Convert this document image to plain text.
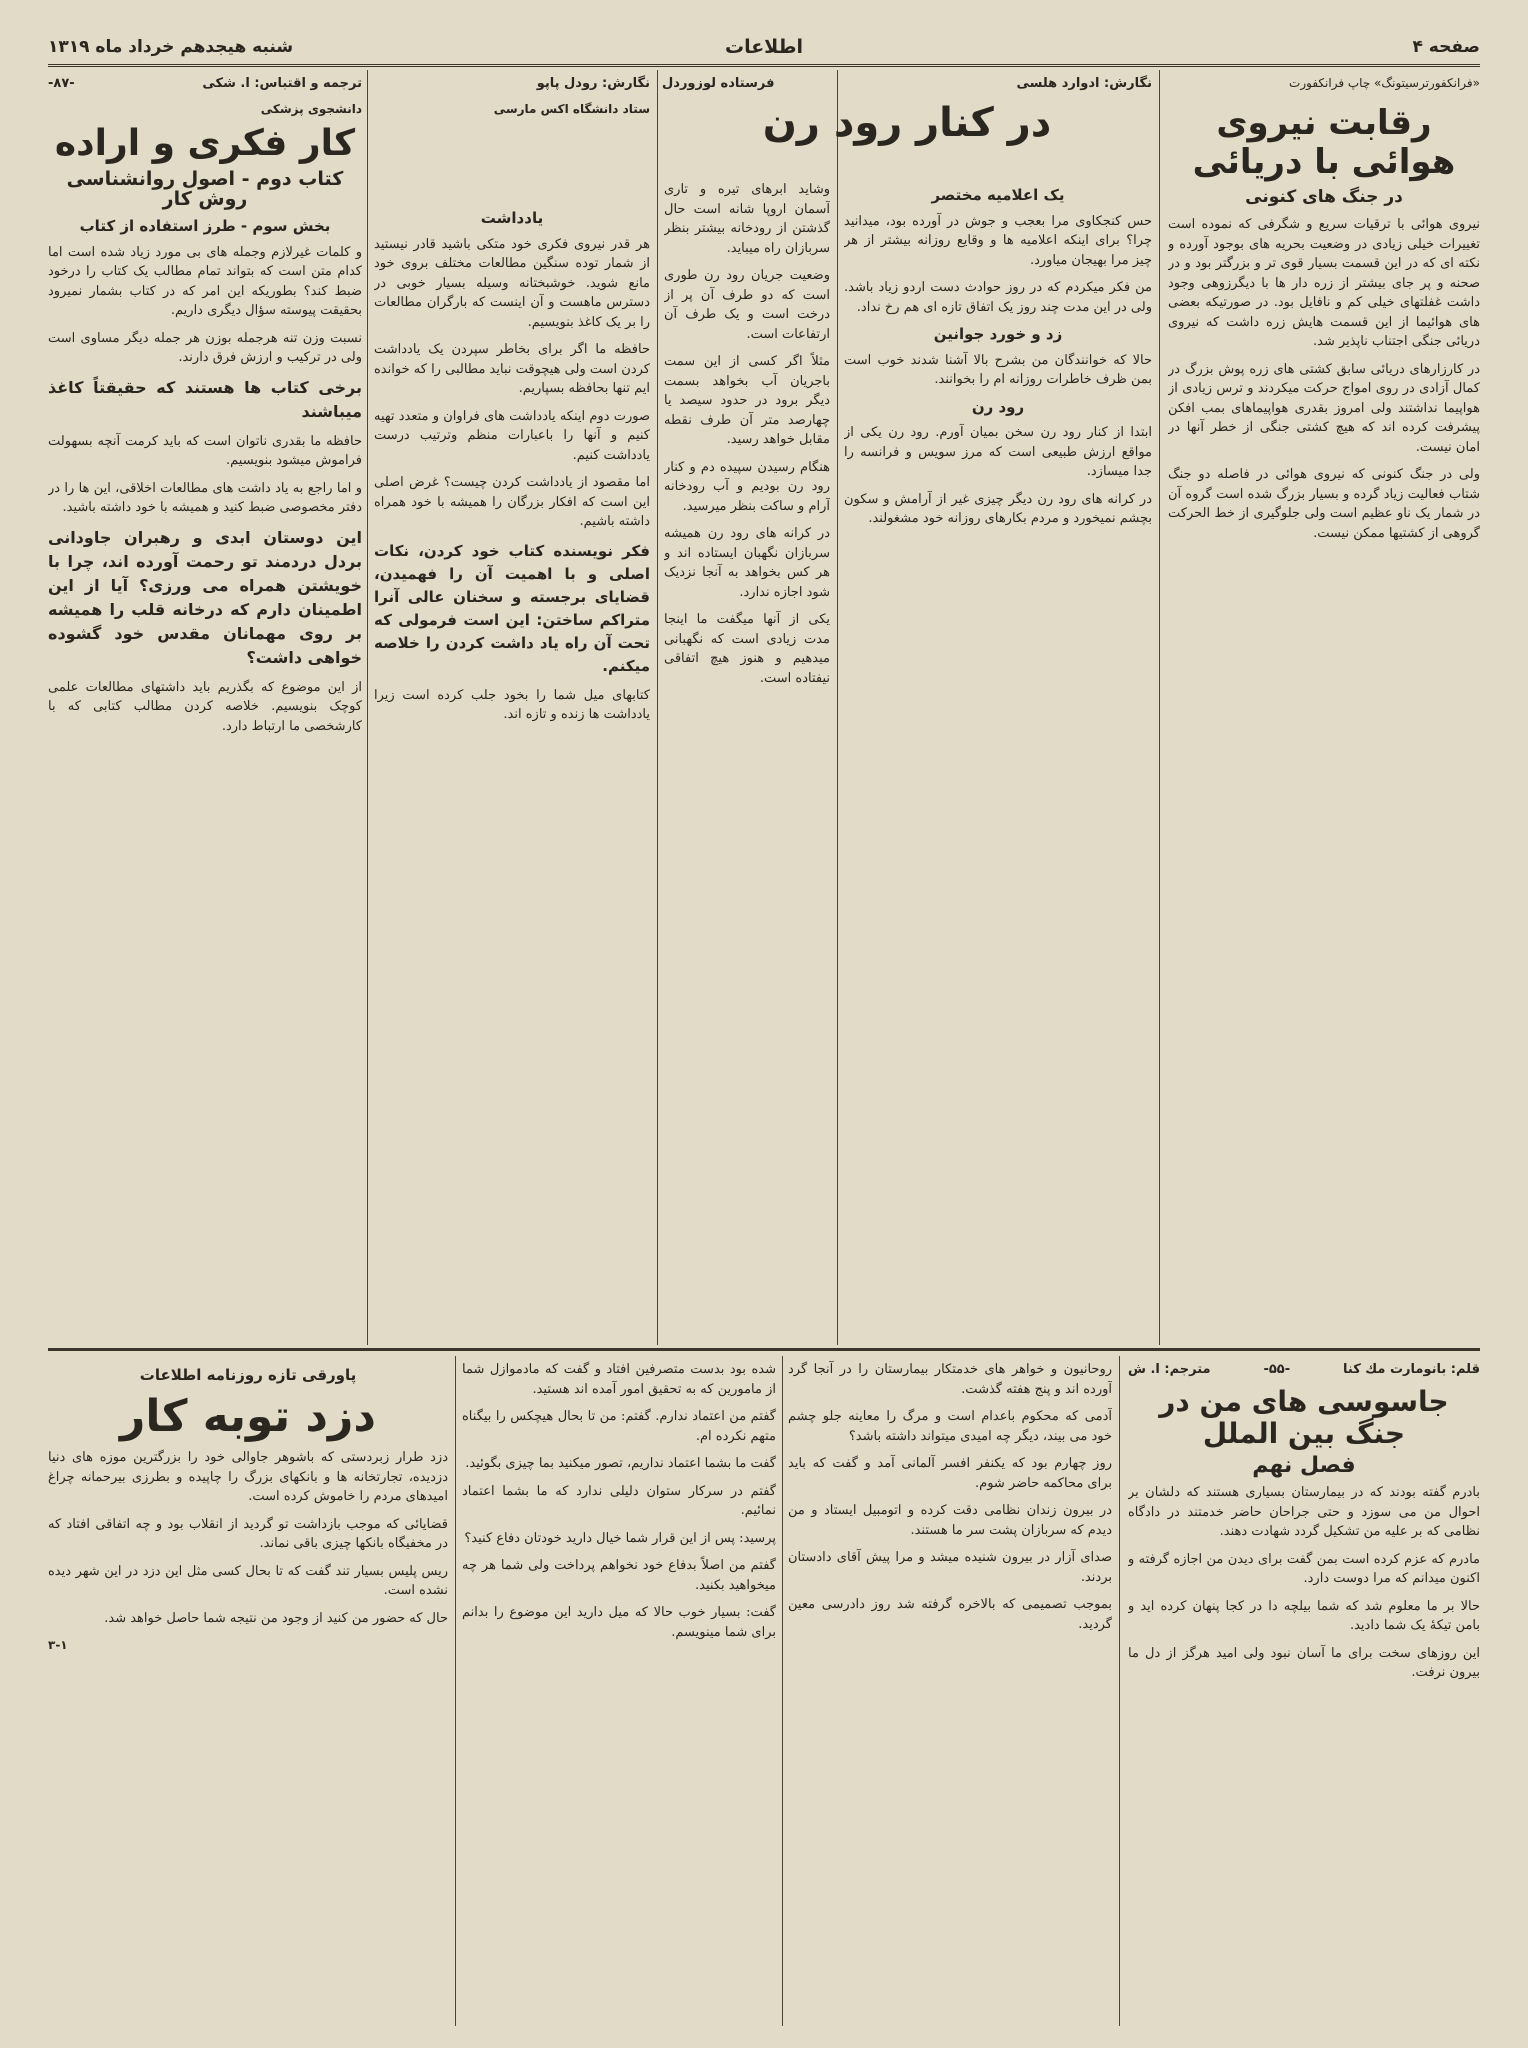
صفحه ۴
اطلاعات
شنبه هیجدهم خرداد ماه ۱۳۱۹
«فرانکفورترسیتونگ» چاپ فرانکفورت
رقابت نیروی هوائی با دریائی
در جنگ های کنونی

نیروی هوائی با ترقیات سریع و شگرفی که نموده است تغییرات خیلی زیادی در وضعیت بحریه های بوجود آورده و نکته ای که در این قسمت بسیار قوی تر و بزرگتر بود و در صحنه و پر جای بیشتر از زره دار ها با دیگرزوهی وجود داشت غفلتهای خیلی کم و نافایل بود. در صورتیکه بعضی های هوائیما از این قسمت هایش زره داشت که نیروی دریائی جنگی اجتناب ناپذیر شد.

در کارزارهای دریائی سابق کشتی های زره پوش بزرگ در کمال آزادی در روی امواج حرکت میکردند و ترس زیادی از هواپیما نداشتند ولی امروز بقدری هواپیماهای بمب افکن پیشرفت کرده اند که هیچ کشتی جنگی از خطر آنها در امان نیست.

ولی در جنگ کنونی که نیروی هوائی در فاصله دو جنگ شتاب فعالیت زیاد گرده و بسیار بزرگ شده است گروه آن در شمار یک ناو عظیم است ولی جلوگیری از خط الحرکت گروهی از کشتیها ممکن نیست.

نگارش: ادوارد هلسی
فرستاده لوزوردل
در کنار رود رن
یک اعلامیه مختصر

حس کنجکاوی مرا بعجب و جوش در آورده بود، میدانید چرا؟ برای اینکه اعلامیه ها و وقایع روزانه بیشتر از هر چیز مرا بهیجان میاورد.

من فکر میکردم که در روز حوادث دست اردو زیاد باشد. ولی در این مدت چند روز یک اتفاق تازه ای هم رخ نداد.

زد و خورد جوانین

حالا که خوانندگان من بشرح بالا آشنا شدند خوب است بمن ظرف خاطرات روزانه ام را بخوانند.

رود رن

ابتدا از کنار رود رن سخن بمیان آورم. رود رن یکی از مواقع ارزش طبیعی است که مرز سویس و فرانسه را جدا میسازد.

در کرانه های رود رن دیگر چیزی غیر از آرامش و سکون بچشم نمیخورد و مردم بکارهای روزانه خود مشغولند.

وشاید ابرهای تیره و تاری آسمان اروپا شانه است حال گذشتن از رودخانه بیشتر بنظر سربازان راه میباید.

وضعیت جریان رود رن طوری است که دو طرف آن پر از درخت است و یک طرف آن ارتفاعات است.

مثلاً اگر کسی از این سمت باجریان آب بخواهد بسمت دیگر برود در حدود سیصد یا چهارصد متر آن طرف نقطه مقابل خواهد رسید.

هنگام رسیدن سپیده دم و کنار رود رن بودیم و آب رودخانه آرام و ساکت بنظر میرسید.

در کرانه های رود رن همیشه سربازان نگهبان ایستاده اند و هر کس بخواهد به آنجا نزدیک شود اجازه ندارد.

یکی از آنها میگفت ما اینجا مدت زیادی است که نگهبانی میدهیم و هنوز هیچ اتفاقی نیفتاده است.

نگارش: رودل پاپو
ستاد دانشگاه اکس مارسی
یادداشت

هر قدر نیروی فکری خود متکی باشید قادر نیستید از شمار توده سنگین مطالعات مختلف بروی خود مانع شوید. خوشبختانه وسیله بسیار خوبی در دسترس ماهست و آن اینست که بارگران مطالعات را بر یک کاغذ بنویسیم.

حافظه ما اگر برای بخاطر سپردن یک یادداشت کردن است ولی هیچوقت نباید مطالبی را که خوانده ایم تنها بحافظه بسپاریم.

صورت دوم اینکه یادداشت های فراوان و متعدد تهیه کنیم و آنها را باعبارات منظم وترتیب درست یادداشت کنیم.

اما مقصود از یادداشت کردن چیست؟ غرض اصلی این است که افکار بزرگان را همیشه با خود همراه داشته باشیم.

فکر نویسنده کتاب خود کردن، نکات اصلی و با اهمیت آن را فهمیدن، قضایای برجسته و سخنان عالی آنرا متراکم ساختن: این است فرمولی که تحت آن راه یاد داشت کردن را خلاصه میکنم.

کتابهای میل شما را بخود جلب کرده است زیرا یادداشت ها زنده و تازه اند.

ترجمه و اقتباس: ا. شکی
-۸۷-
دانشجوی پزشکی
کار فکری و اراده
کتاب دوم - اصول روانشناسی روش کار
بخش سوم - طرز استفاده از کتاب

و کلمات غیرلازم وجمله های بی مورد زیاد شده است اما کدام متن است که بتواند تمام مطالب یک کتاب را درخود ضبط کند؟ بطوریکه این امر که در کتاب بشمار نمیرود بحقیقت پیوسته سؤال دیگری داریم.

نسبت وزن تنه هرجمله بوزن هر جمله دیگر مساوی است ولی در ترکیب و ارزش فرق دارند.

برخی کتاب ها هستند که حقیقتاً کاغذ میباشند

حافظه ما بقدری ناتوان است که باید کرمت آنچه بسهولت فراموش میشود بنویسیم.

و اما راجع به یاد داشت های مطالعات اخلاقی، این ها را در دفتر مخصوصی ضبط کنید و همیشه با خود داشته باشید.

این دوستان ابدی و رهبران جاودانی بردل دردمند تو رحمت آورده اند، چرا با خویشتن همراه می ورزی؟ آیا از این اطمینان دارم که درخانه قلب را همیشه بر روی مهمانان مقدس خود گشوده خواهی داشت؟

از این موضوع که بگذریم باید داشتهای مطالعات علمی کوچک بنویسیم. خلاصه کردن مطالب کتابی که با کارشخصی ما ارتباط دارد.

قلم: بانومارت مك كنا
-۵۵-
مترجم: ا. ش
جاسوسی های من در جنگ بین الملل
فصل نهم

بادرم گفته بودند که در بیمارستان بسیاری هستند که دلشان بر احوال من می سوزد و حتی جراحان حاضر خدمتند در دادگاه نظامی که بر علیه من تشکیل گردد شهادت دهند.

مادرم که عزم کرده است بمن گفت برای دیدن من اجازه گرفته و اکنون میدانم که مرا دوست دارد.

حالا بر ما معلوم شد که شما بیلچه دا در کجا پنهان کرده اید و بامن تیکهٔ یک شما دادید.

این روزهای سخت برای ما آسان نبود ولی امید هرگز از دل ما بیرون نرفت.

روحانیون و خواهر های خدمتکار بیمارستان را در آنجا گرد آورده اند و پنج هفته گذشت.

آدمی که محکوم باعدام است و مرگ را معاینه جلو چشم خود می بیند، دیگر چه امیدی میتواند داشته باشد؟

روز چهارم بود که یکنفر افسر آلمانی آمد و گفت که باید برای محاکمه حاضر شوم.

در بیرون زندان نظامی دقت کرده و اتومبیل ایستاد و من دیدم که سربازان پشت سر ما هستند.

صدای آزار در بیرون شنیده میشد و مرا پیش آقای دادستان بردند.

بموجب تصمیمی که بالاخره گرفته شد روز دادرسی معین گردید.

شده بود بدست متصرفین افتاد و گفت که مادموازل شما از مامورین که به تحقیق امور آمده اند هستید.

گفتم من اعتماد ندارم. گفتم: من تا بحال هیچکس را بیگناه متهم نکرده ام.

گفت ما بشما اعتماد نداریم، تصور میکنید بما چیزی بگوئید.

گفتم در سرکار ستوان دلیلی ندارد که ما بشما اعتماد نمائیم.

پرسید: پس از این قرار شما خیال دارید خودتان دفاع کنید؟

گفتم من اصلاً بدفاع خود نخواهم پرداخت ولی شما هر چه میخواهید بکنید.

گفت: بسیار خوب حالا که میل دارید این موضوع را بدانم برای شما مینویسم.

پاورقی تازه روزنامه اطلاعات
دزد توبه کار

دزد طرار زبردستی که باشوهر جاوالی خود را بزرگترین موزه های دنیا دزدیده، تجارتخانه ها و بانکهای بزرگ را چاپیده و بطرزی بیرحمانه چراغ امیدهای مردم را خاموش کرده است.

قضایائی که موجب بازداشت تو گردید از انقلاب بود و چه اتفاقی افتاد که در مخفیگاه بانکها چیزی باقی نماند.

ریس پلیس بسیار تند گفت که تا بحال کسی مثل این دزد در این شهر دیده نشده است.

حال که حضور من کنید از وجود من نتیجه شما حاصل خواهد شد.

۳-۱
